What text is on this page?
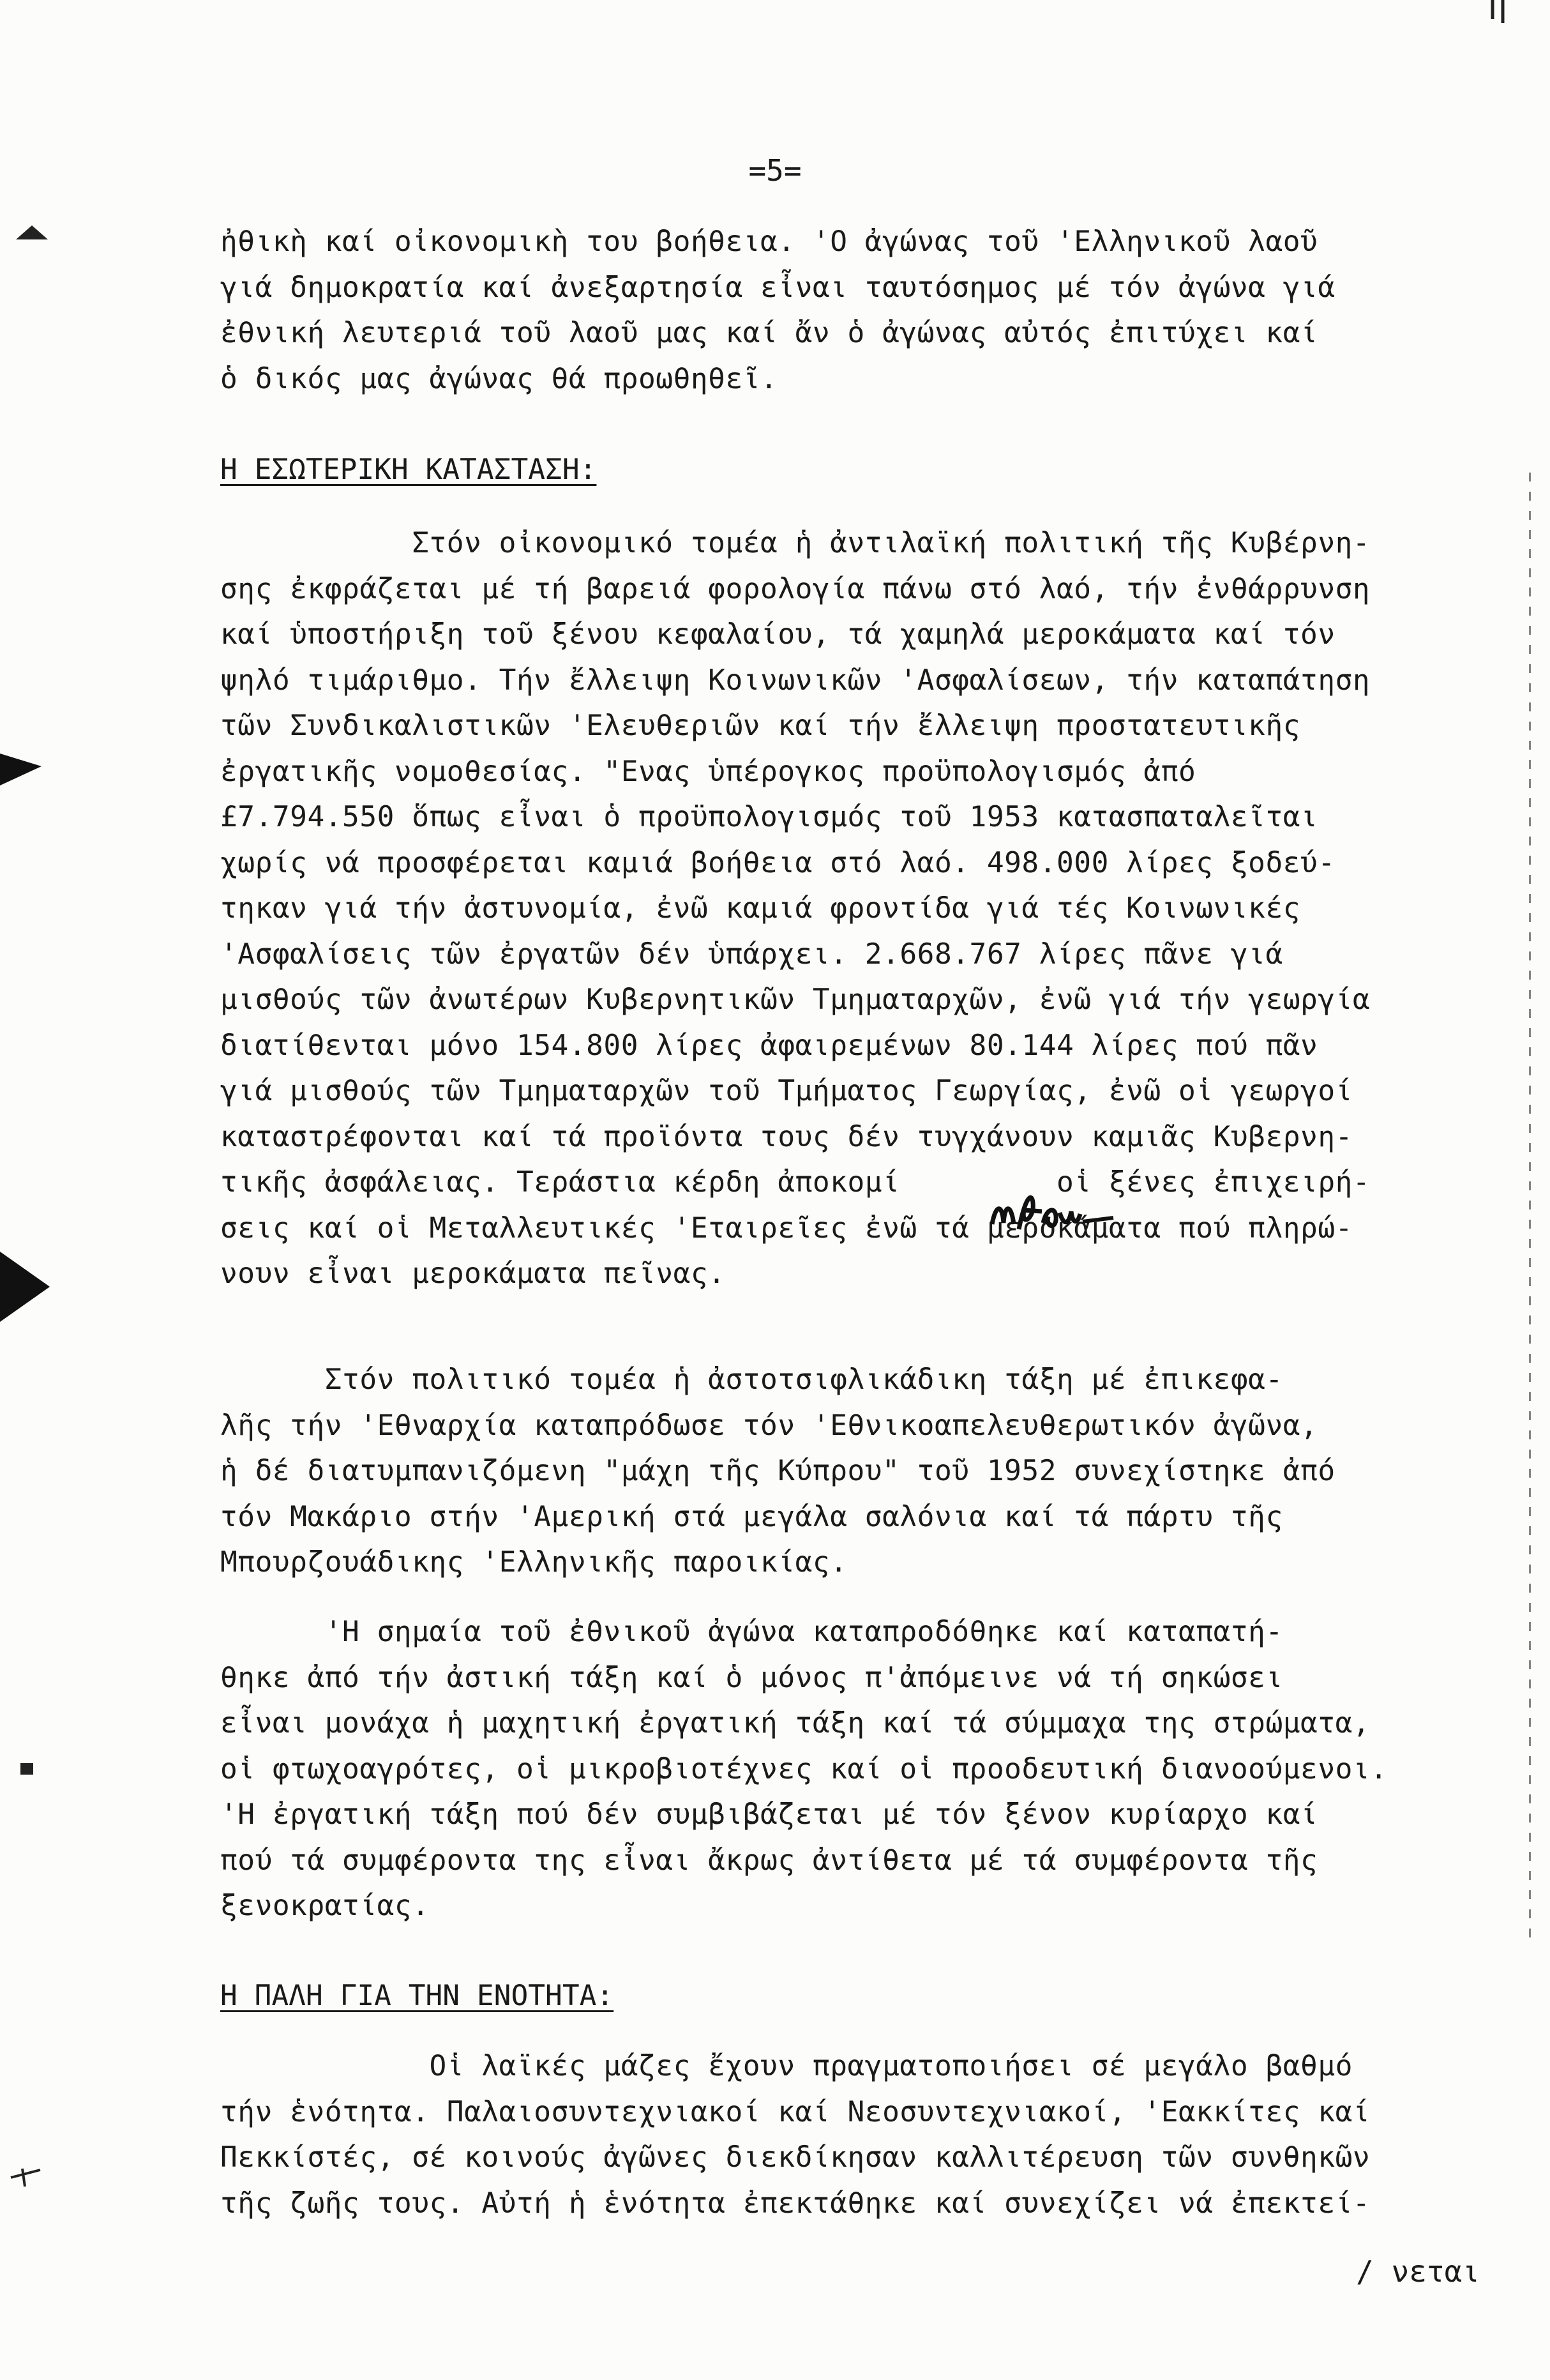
=5=
ἠθικὴ καί οἰκονομικὴ του βοήθεια. 'Ο ἀγώνας τοῦ 'Ελληνικοῦ λαοῦ
γιά δημοκρατία καί ἀνεξαρτησία εἶναι ταυτόσημος μέ τόν ἀγώνα γιά
ἐθνική λευτεριά τοῦ λαοῦ μας καί ἄν ὁ ἀγώνας αὐτός ἐπιτύχει καί
ὁ δικός μας ἀγώνας θά προωθηθεῖ.
Η ΕΣΩΤΕΡΙΚΗ ΚΑΤΑΣΤΑΣΗ:
Στόν οἰκονομικό τομέα ἡ ἀντιλαϊκή πολιτική τῆς Κυβέρνη-
σης ἐκφράζεται μέ τή βαρειά φορολογία πάνω στό λαό, τήν ἐνθάρρυνση
καί ὑποστήριξη τοῦ ξένου κεφαλαίου, τά χαμηλά μεροκάματα καί τόν
ψηλό τιμάριθμο. Τήν ἔλλειψη Κοινωνικῶν 'Ασφαλίσεων, τήν καταπάτηση
τῶν Συνδικαλιστικῶν 'Ελευθεριῶν καί τήν ἔλλειψη προστατευτικῆς
ἐργατικῆς νομοθεσίας. "Ενας ὑπέρογκος προϋπολογισμός ἀπό
£7.794.550 ὅπως εἶναι ὁ προϋπολογισμός τοῦ 1953 κατασπαταλεῖται
χωρίς νά προσφέρεται καμιά βοήθεια στό λαό. 498.000 λίρες ξοδεύ-
τηκαν γιά τήν ἀστυνομία, ἐνῶ καμιά φροντίδα γιά τές Κοινωνικές
'Ασφαλίσεις τῶν ἐργατῶν δέν ὑπάρχει. 2.668.767 λίρες πᾶνε γιά
μισθούς τῶν ἀνωτέρων Κυβερνητικῶν Τμηματαρχῶν, ἐνῶ γιά τήν γεωργία
διατίθενται μόνο 154.800 λίρες ἀφαιρεμένων 80.144 λίρες πού πᾶν
γιά μισθούς τῶν Τμηματαρχῶν τοῦ Τμήματος Γεωργίας, ἐνῶ οἱ γεωργοί
καταστρέφονται καί τά προϊόντα τους δέν τυγχάνουν καμιᾶς Κυβερνη-
τικῆς ἀσφάλειας. Τεράστια κέρδη ἀποκομί         οἱ ξένες ἐπιχειρή-
σεις καί οἱ Μεταλλευτικές 'Εταιρεῖες ἐνῶ τά μεροκάματα πού πληρώ-
νουν εἶναι μεροκάματα πεῖνας.
Στόν πολιτικό τομέα ἡ ἀστοτσιφλικάδικη τάξη μέ ἐπικεφα-
λῆς τήν 'Εθναρχία καταπρόδωσε τόν 'Εθνικοαπελευθερωτικόν ἀγῶνα,
ἡ δέ διατυμπανιζόμενη "μάχη τῆς Κύπρου" τοῦ 1952 συνεχίστηκε ἀπό
τόν Μακάριο στήν 'Αμερική στά μεγάλα σαλόνια καί τά πάρτυ τῆς
Μπουρζουάδικης 'Ελληνικῆς παροικίας.
'Η σημαία τοῦ ἐθνικοῦ ἀγώνα καταπροδόθηκε καί καταπατή-
θηκε ἀπό τήν ἀστική τάξη καί ὁ μόνος π'ἀπόμεινε νά τή σηκώσει
εἶναι μονάχα ἡ μαχητική ἐργατική τάξη καί τά σύμμαχα της στρώματα,
οἱ φτωχοαγρότες, οἱ μικροβιοτέχνες καί οἱ προοδευτική διανοούμενοι.
'Η ἐργατική τάξη πού δέν συμβιβάζεται μέ τόν ξένον κυρίαρχο καί
πού τά συμφέροντα της εἶναι ἄκρως ἀντίθετα μέ τά συμφέροντα τῆς
ξενοκρατίας.
Η ΠΑΛΗ ΓΙΑ ΤΗΝ ΕΝΟΤΗΤΑ:
Οἱ λαϊκές μάζες ἔχουν πραγματοποιήσει σέ μεγάλο βαθμό
τήν ἑνότητα. Παλαιοσυντεχνιακοί καί Νεοσυντεχνιακοί, 'Εακκίτες καί
Πεκκίστές, σέ κοινούς ἀγῶνες διεκδίκησαν καλλιτέρευση τῶν συνθηκῶν
τῆς ζωῆς τους. Αὐτή ἡ ἑνότητα ἐπεκτάθηκε καί συνεχίζει νά ἐπεκτεί-
/ νεται
